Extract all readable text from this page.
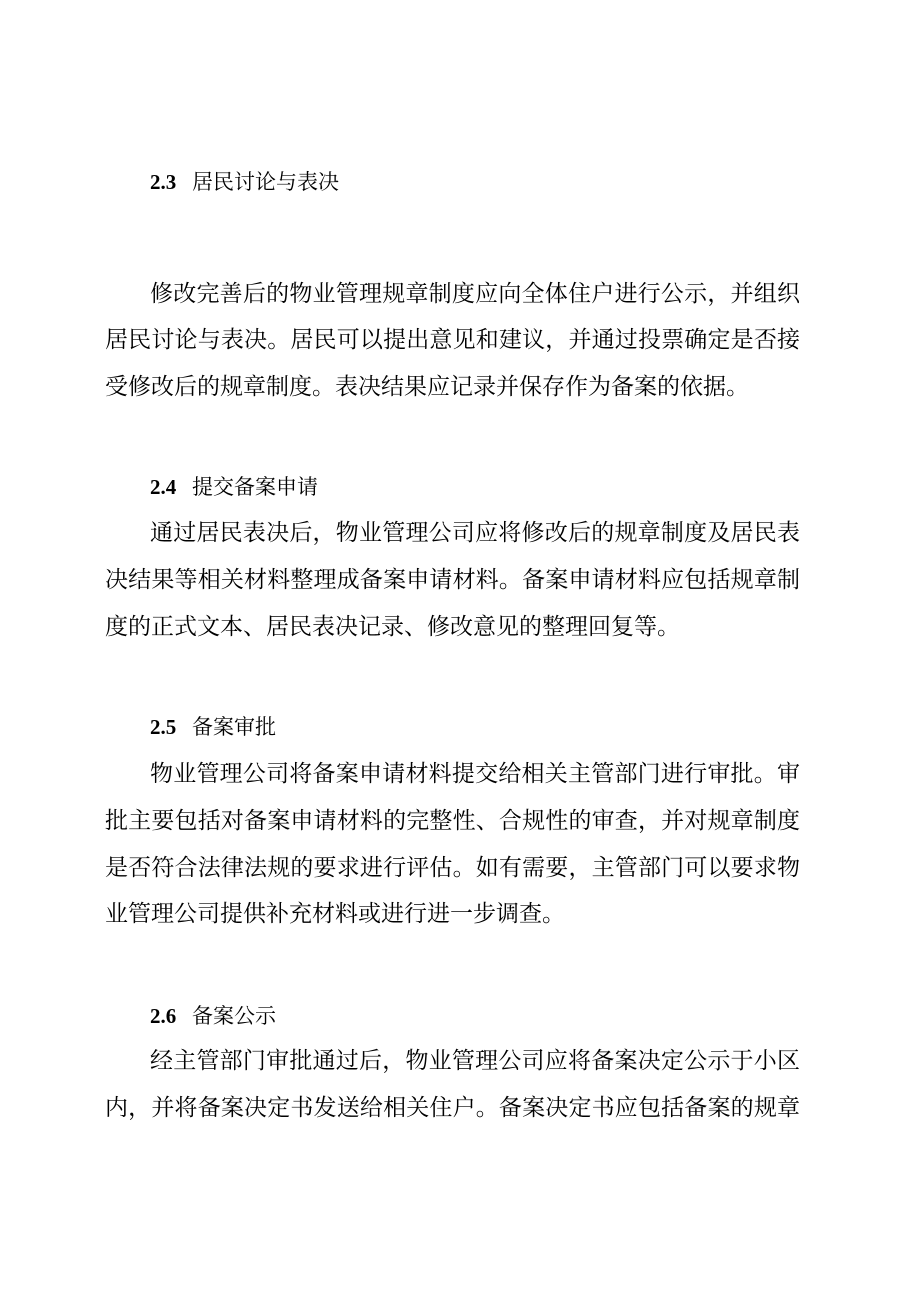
2.3 居民讨论与表决
修改完善后的物业管理规章制度应向全体住户进行公示，并组织
居民讨论与表决。居民可以提出意见和建议，并通过投票确定是否接
受修改后的规章制度。表决结果应记录并保存作为备案的依据。
2.4 提交备案申请
通过居民表决后，物业管理公司应将修改后的规章制度及居民表
决结果等相关材料整理成备案申请材料。备案申请材料应包括规章制
度的正式文本、居民表决记录、修改意见的整理回复等。
2.5 备案审批
物业管理公司将备案申请材料提交给相关主管部门进行审批。审
批主要包括对备案申请材料的完整性、合规性的审查，并对规章制度
是否符合法律法规的要求进行评估。如有需要，主管部门可以要求物
业管理公司提供补充材料或进行进一步调查。
2.6 备案公示
经主管部门审批通过后，物业管理公司应将备案决定公示于小区
内，并将备案决定书发送给相关住户。备案决定书应包括备案的规章
